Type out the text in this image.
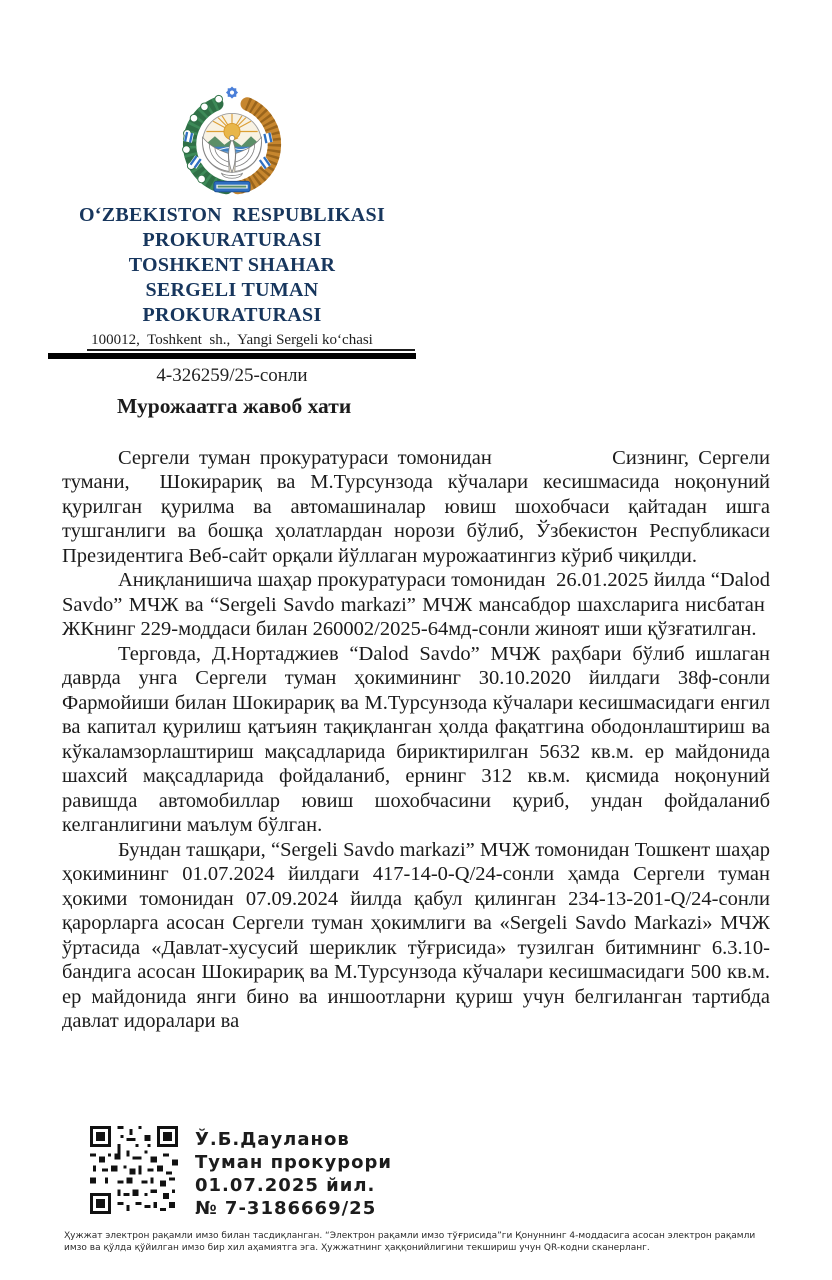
O‘ZBEKISTON  RESPUBLIKASI
PROKURATURASI
TOSHKENT SHAHAR
SERGELI TUMAN
PROKURATURASI
100012,  Toshkent  sh.,  Yangi Sergeli ko‘chasi
4-326259/25-сонли
Мурожаатга жавоб хати

Сергели туман прокуратураси томонидан             Сизнинг, Сергели тумани,  Шокирариқ ва М.Турсунзода кўчалари кесишмасида ноқонуний қурилган қурилма ва автомашиналар ювиш шохобчаси қайтадан ишга тушганлиги ва бошқа ҳолатлардан норози бўлиб, Ўзбекистон Республикаси Президентига Веб-сайт орқали йўллаган мурожаатингиз кўриб чиқилди.

Аниқланишича шаҳар прокуратураси томонидан  26.01.2025 йилда “Dalod Savdo” МЧЖ ва “Sergeli Savdo markazi” МЧЖ мансабдор шахсларига нисбатан  ЖКнинг 229-моддаси билан 260002/2025-64мд-сонли жиноят иши қўзғатилган.

Терговда, Д.Нортаджиев “Dalod Savdo” МЧЖ раҳбари бўлиб ишлаган даврда унга Сергели туман ҳокимининг 30.10.2020 йилдаги 38ф-сонли Фармойиши билан Шокирариқ ва М.Турсунзода кўчалари кесишмасидаги енгил ва капитал қурилиш қатъиян тақиқланган ҳолда фақатгина ободонлаштириш ва кўкаламзорлаштириш мақсадларида бириктирилган 5632 кв.м. ер майдонида шахсий мақсадларида фойдаланиб, ернинг 312 кв.м. қисмида ноқонуний равишда автомобиллар ювиш шохобчасини қуриб, ундан фойдаланиб келганлигини маълум бўлган.

Бундан ташқари, “Sergeli Savdo markazi” МЧЖ томонидан Тошкент шаҳар ҳокимининг 01.07.2024 йилдаги 417-14-0-Q/24-сонли ҳамда Сергели туман ҳокими томонидан 07.09.2024 йилда қабул қилинган 234-13-201-Q/24-сонли қарорларга асосан Сергели туман ҳокимлиги ва «Sergeli Savdo Markazi» МЧЖ ўртасида «Давлат-хусусий шериклик тўғрисида» тузилган битимнинг 6.3.10-бандига асосан Шокирариқ ва М.Турсунзода кўчалари кесишмасидаги 500 кв.м. ер майдонида янги бино ва иншоотларни қуриш учун белгиланган тартибда давлат идоралари ва

Ў.Б.Дауланов
Туман прокурори
01.07.2025 йил.
№ 7-3186669/25
Ҳужжат электрон рақамли имзо билан тасдиқланган. “Электрон рақамли имзо тўғрисида”ги Қонуннинг 4-моддасига асосан электрон рақамли имзо ва қўлда қўйилган имзо бир хил аҳамиятга эга. Ҳужжатнинг ҳаққонийлигини текшириш учун QR-кодни сканерланг.
